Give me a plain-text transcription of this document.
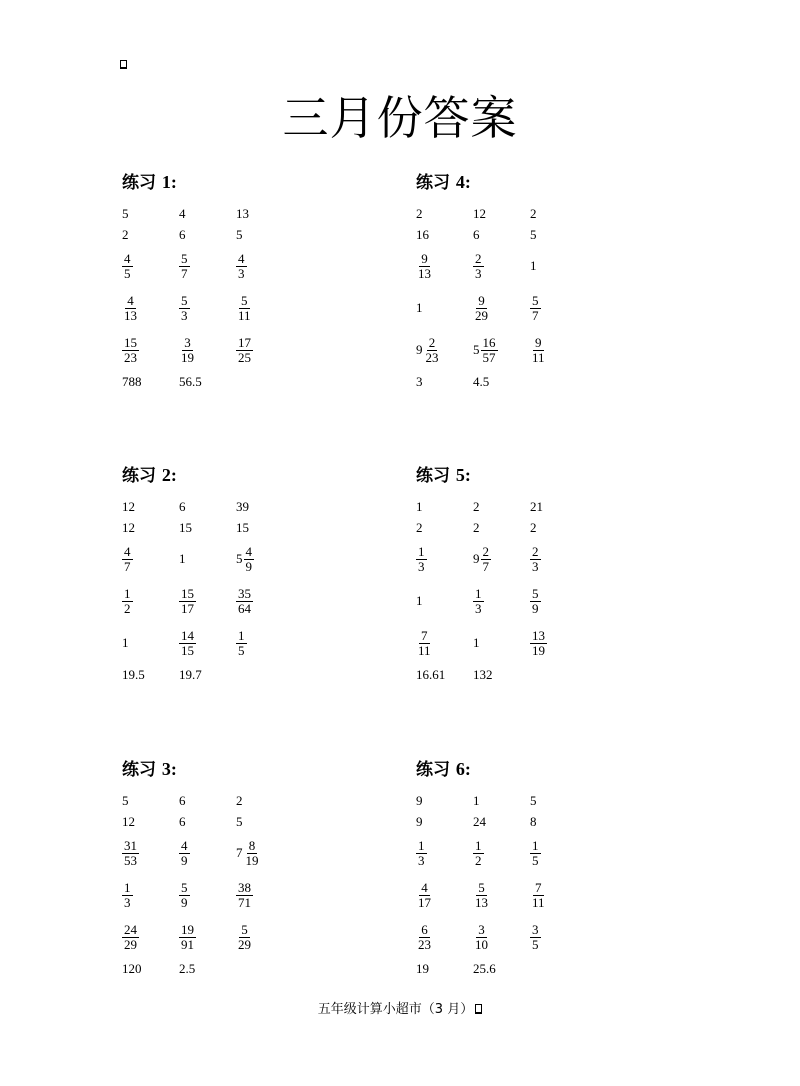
三月份答案
练习 1:
5	4	13
2	6	5
$\frac{4}{5}$	$\frac{5}{7}$	$\frac{4}{3}$
$\frac{4}{13}$	$\frac{5}{3}$	$\frac{5}{11}$
$\frac{15}{23}$	$\frac{3}{19}$	$\frac{17}{25}$
788	56.5
练习 2:
12	6	39
12	15	15
$\frac{4}{7}$	1	$5 \frac{4}{9}$
$\frac{1}{2}$	$\frac{15}{17}$	$\frac{35}{64}$
1	$\frac{14}{15}$	$\frac{1}{5}$
19.5	19.7
练习 3:
5	6	2
12	6	5
$\frac{31}{53}$	$\frac{4}{9}$	$7 \frac{8}{19}$
$\frac{1}{3}$	$\frac{5}{9}$	$\frac{38}{71}$
$\frac{24}{29}$	$\frac{19}{91}$	$\frac{5}{29}$
120	2.5
练习 4:
2	12	2
16	6	5
$\frac{9}{13}$	$\frac{2}{3}$	1
1	$\frac{9}{29}$	$\frac{5}{7}$
$9 \frac{2}{23}$	$5 \frac{16}{57}$	$\frac{9}{11}$
3	4.5
练习 5:
1	2	21
2	2	2
$\frac{1}{3}$	$9 \frac{2}{7}$	$\frac{2}{3}$
1	$\frac{1}{3}$	$\frac{5}{9}$
$\frac{7}{11}$	1	$\frac{13}{19}$
16.61 132
练习 6:
9	1	5
9	24	8
$\frac{1}{3}$	$\frac{1}{2}$	$\frac{1}{5}$
$\frac{4}{17}$	$\frac{5}{13}$	$\frac{7}{11}$
$\frac{6}{23}$	$\frac{3}{10}$	$\frac{3}{5}$
19	25.6
五年级计算小超市（3 月）
